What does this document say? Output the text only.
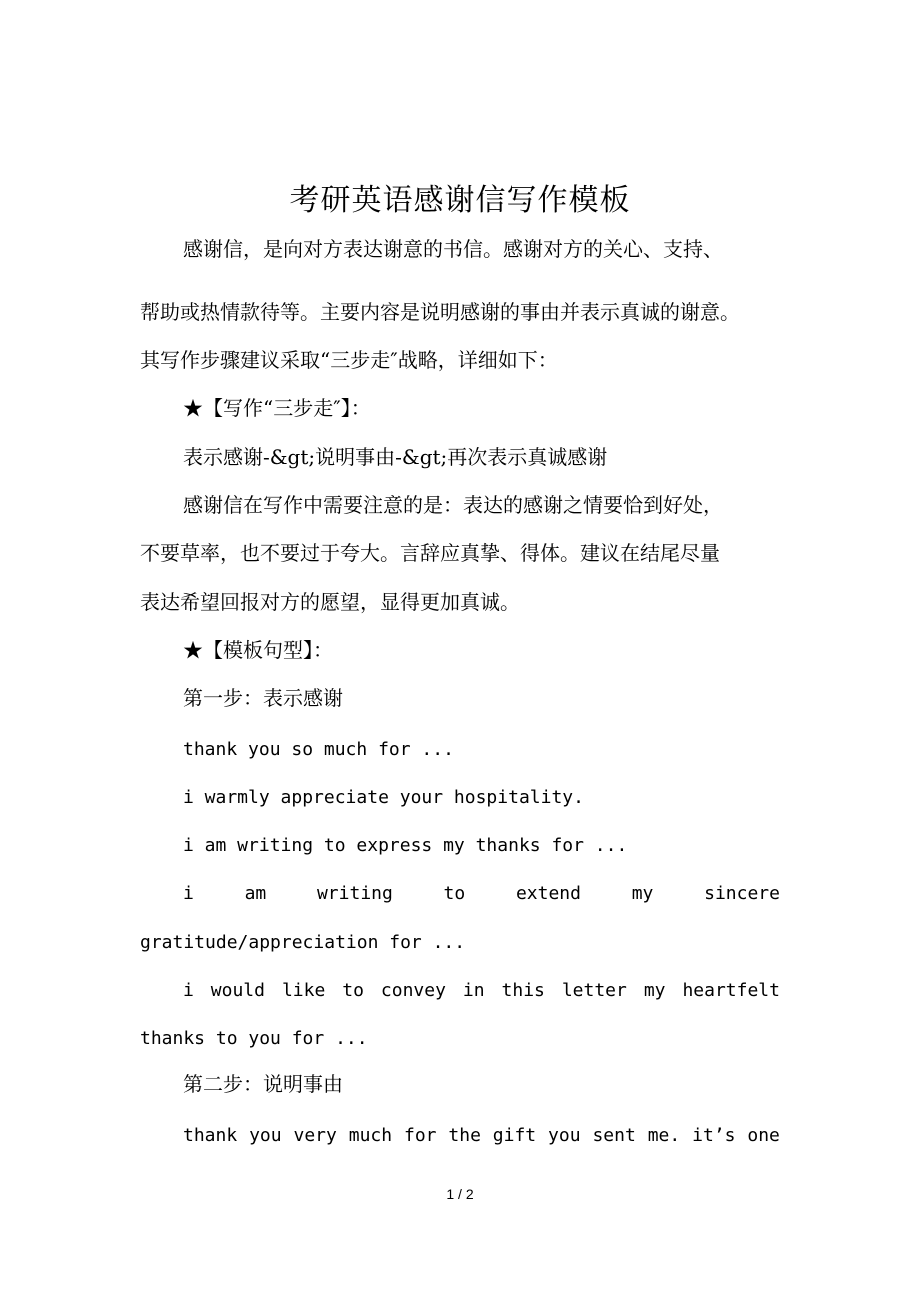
考研英语感谢信写作模板
感谢信，是向对方表达谢意的书信。感谢对方的关心、支持、
帮助或热情款待等。主要内容是说明感谢的事由并表示真诚的谢意。
其写作步骤建议采取“三步走″战略，详细如下：
★【写作“三步走″】：
表示感谢-&gt;说明事由-&gt;再次表示真诚感谢
感谢信在写作中需要注意的是：表达的感谢之情要恰到好处，
不要草率，也不要过于夸大。言辞应真挚、得体。建议在结尾尽量
表达希望回报对方的愿望，显得更加真诚。
★【模板句型】：
第一步：表示感谢
thank you so much for ...
i warmly appreciate your hospitality.
i am writing to express my thanks for ...
i	am	writing	to	extend	my	sincere
gratitude/appreciation for ...
i would like to convey in this letter my heartfelt
thanks to you for ...
第二步：说明事由
thank you very much for the gift you sent me. it’s one
1 / 2
